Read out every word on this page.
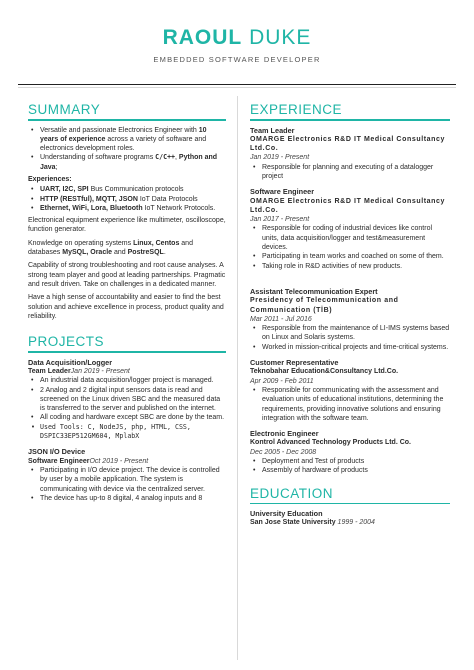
RAOUL DUKE
EMBEDDED SOFTWARE DEVELOPER
SUMMARY
• Versatile and passionate Electronics Engineer with 10 years of experience across a variety of software and electronics development roles.
• Understanding of software programs C/C++, Python and Java;
Experiences:
• UART, I2C, SPI Bus Communication protocols
• HTTP (RESTful), MQTT, JSON IoT Data Protocols
• Ethernet, WiFi, Lora, Bluetooth IoT Network Protocols.

Electronical equipment experience like multimeter, oscilloscope, function generator.

Knowledge on operating systems Linux, Centos and databases MySQL, Oracle and PostreSQL.

Capability of strong troubleshooting and root cause analyses. A strong team player and good at leading partnerships. Pragmatic and result driven. Take on challenges in a dedicated manner.

Have a high sense of accountability and easier to find the best solution and achieve excellence in process, product quality and reliability.

PROJECTS
Data Acquisition/Logger
Team LeaderJan 2019 - Present
• An industrial data acquisition/logger project is managed.
• 2 Analog and 2 digital input sensors data is read and screened on the Linux driven SBC and the measured data is transferred to the server and published on the internet.
• All coding and hardware except SBC are done by the team.
• Used Tools: C, NodeJS, php, HTML, CSS, DSPIC33EP512GM604, MplabX
JSON I/O Device
Software EngineerOct 2019 - Present
• Participating in I/O device project. The device is controlled by user by a mobile application. The system is communicating with device via the centralized server.
• The device has up-to 8 digital, 4 analog inputs and 8
EXPERIENCE
Team Leader
OMARGE Electronics R&D IT Medical Consultancy Ltd.Co.
Jan 2019 - Present
• Responsible for planning and executing of a datalogger project
Software Engineer
OMARGE Electronics R&D IT Medical Consultancy Ltd.Co.
Jan 2017 - Present
• Responsible for coding of industrial devices like control units, data acquisition/logger and test&measurement devices.
• Participating in team works and coached on some of them.
• Taking role in R&D activities of new products.
Assistant Telecommunication Expert
Presidency of Telecommunication and Communication (TİB)
Mar 2011 - Jul 2016
• Responsible from the maintenance of LI-IMS systems based on Linux and Solaris systems.
• Worked in mission-critical projects and time-critical systems.
Customer Representative
Teknobahar Education&Consultancy Ltd.Co.
Apr 2009 - Feb 2011
• Responsible for communicating with the assessment and evaluation units of educational institutions, determining the requirements, providing innovative solutions and ensuring integration with the software team.
Electronic Engineer
Kontrol Advanced Technology Products Ltd. Co.
Dec 2005 - Dec 2008
• Deployment and Test of products
• Assembly of hardware of products
EDUCATION
University Education
San Jose State University 1999 - 2004
